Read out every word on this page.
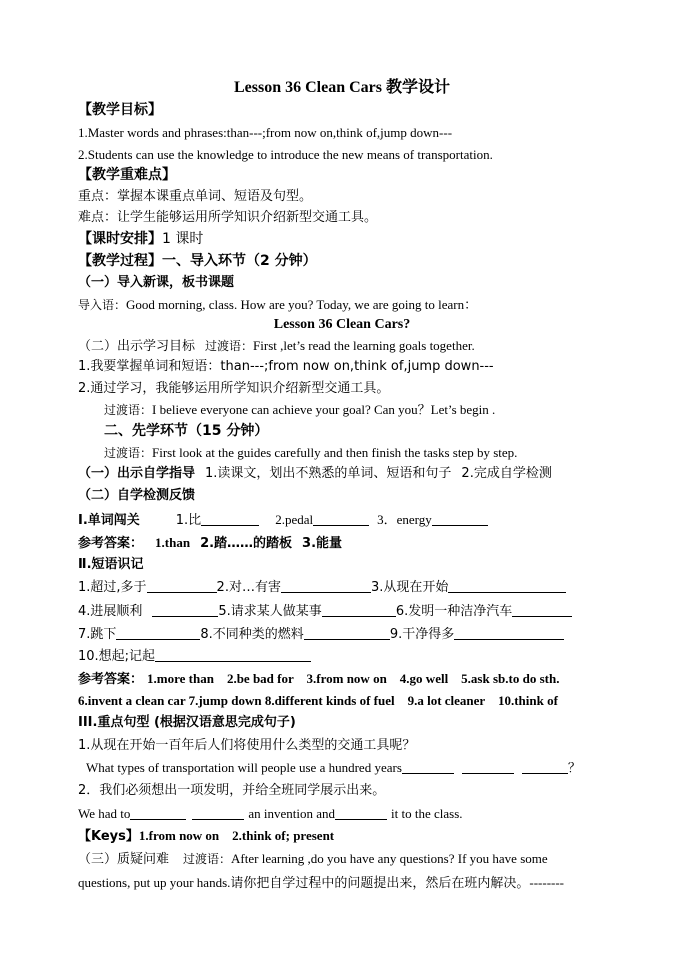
Lesson 36 Clean Cars 教学设计
【教学目标】
1.Master words and phrases:than---;from now on,think of,jump down---
2.Students can use the knowledge to introduce the new means of transportation.
【教学重难点】
重点：掌握本课重点单词、短语及句型。
难点：让学生能够运用所学知识介绍新型交通工具。
【课时安排】1 课时
【教学过程】一、导入环节（2 分钟）
（一）导入新课，板书课题
导入语：Good morning, class. How are you? Today, we are going to learn：
Lesson 36 Clean Cars?
（二）出示学习目标 过渡语：First ,let’s read the learning goals together.
1.我要掌握单词和短语：than---;from now on,think of,jump down---
2.通过学习，我能够运用所学知识介绍新型交通工具。
过渡语：I believe everyone can achieve your goal? Can you？Let’s begin .
二、先学环节（15 分钟）
过渡语：First look at the guides carefully and then finish the tasks step by step.
（一）出示自学指导 1.读课文，划出不熟悉的单词、短语和句子 2.完成自学检测
（二）自学检测反馈
Ⅰ.单词闯关	1.比	2.pedal	3．energy
参考答案： 1.than 2.踏……的踏板 3.能量
Ⅱ.短语识记
1.超过,多于	2.对…有害	3.从现在开始
4.进展顺利	5.请求某人做某事	6.发明一种洁净汽车
7.跳下	8.不同种类的燃料	9.干净得多
10.想起;记起
参考答案： 1.more than　2.be bad for　3.from now on　4.go well　5.ask sb.to do sth.
6.invent a clean car 7.jump down 8.different kinds of fuel　9.a lot cleaner　10.think of
III.重点句型 (根据汉语意思完成句子)
1.从现在开始一百年后人们将使用什么类型的交通工具呢？
What types of transportation will people use a hundred years	？
2．我们必须想出一项发明，并给全班同学展示出来。
We had to	an invention and	it to the class.
【Keys】1.from now on　2.think of; present
（三）质疑问难 过渡语：After learning ,do you have any questions? If you have some
questions, put up your hands.请你把自学过程中的问题提出来，然后在班内解决。--------
